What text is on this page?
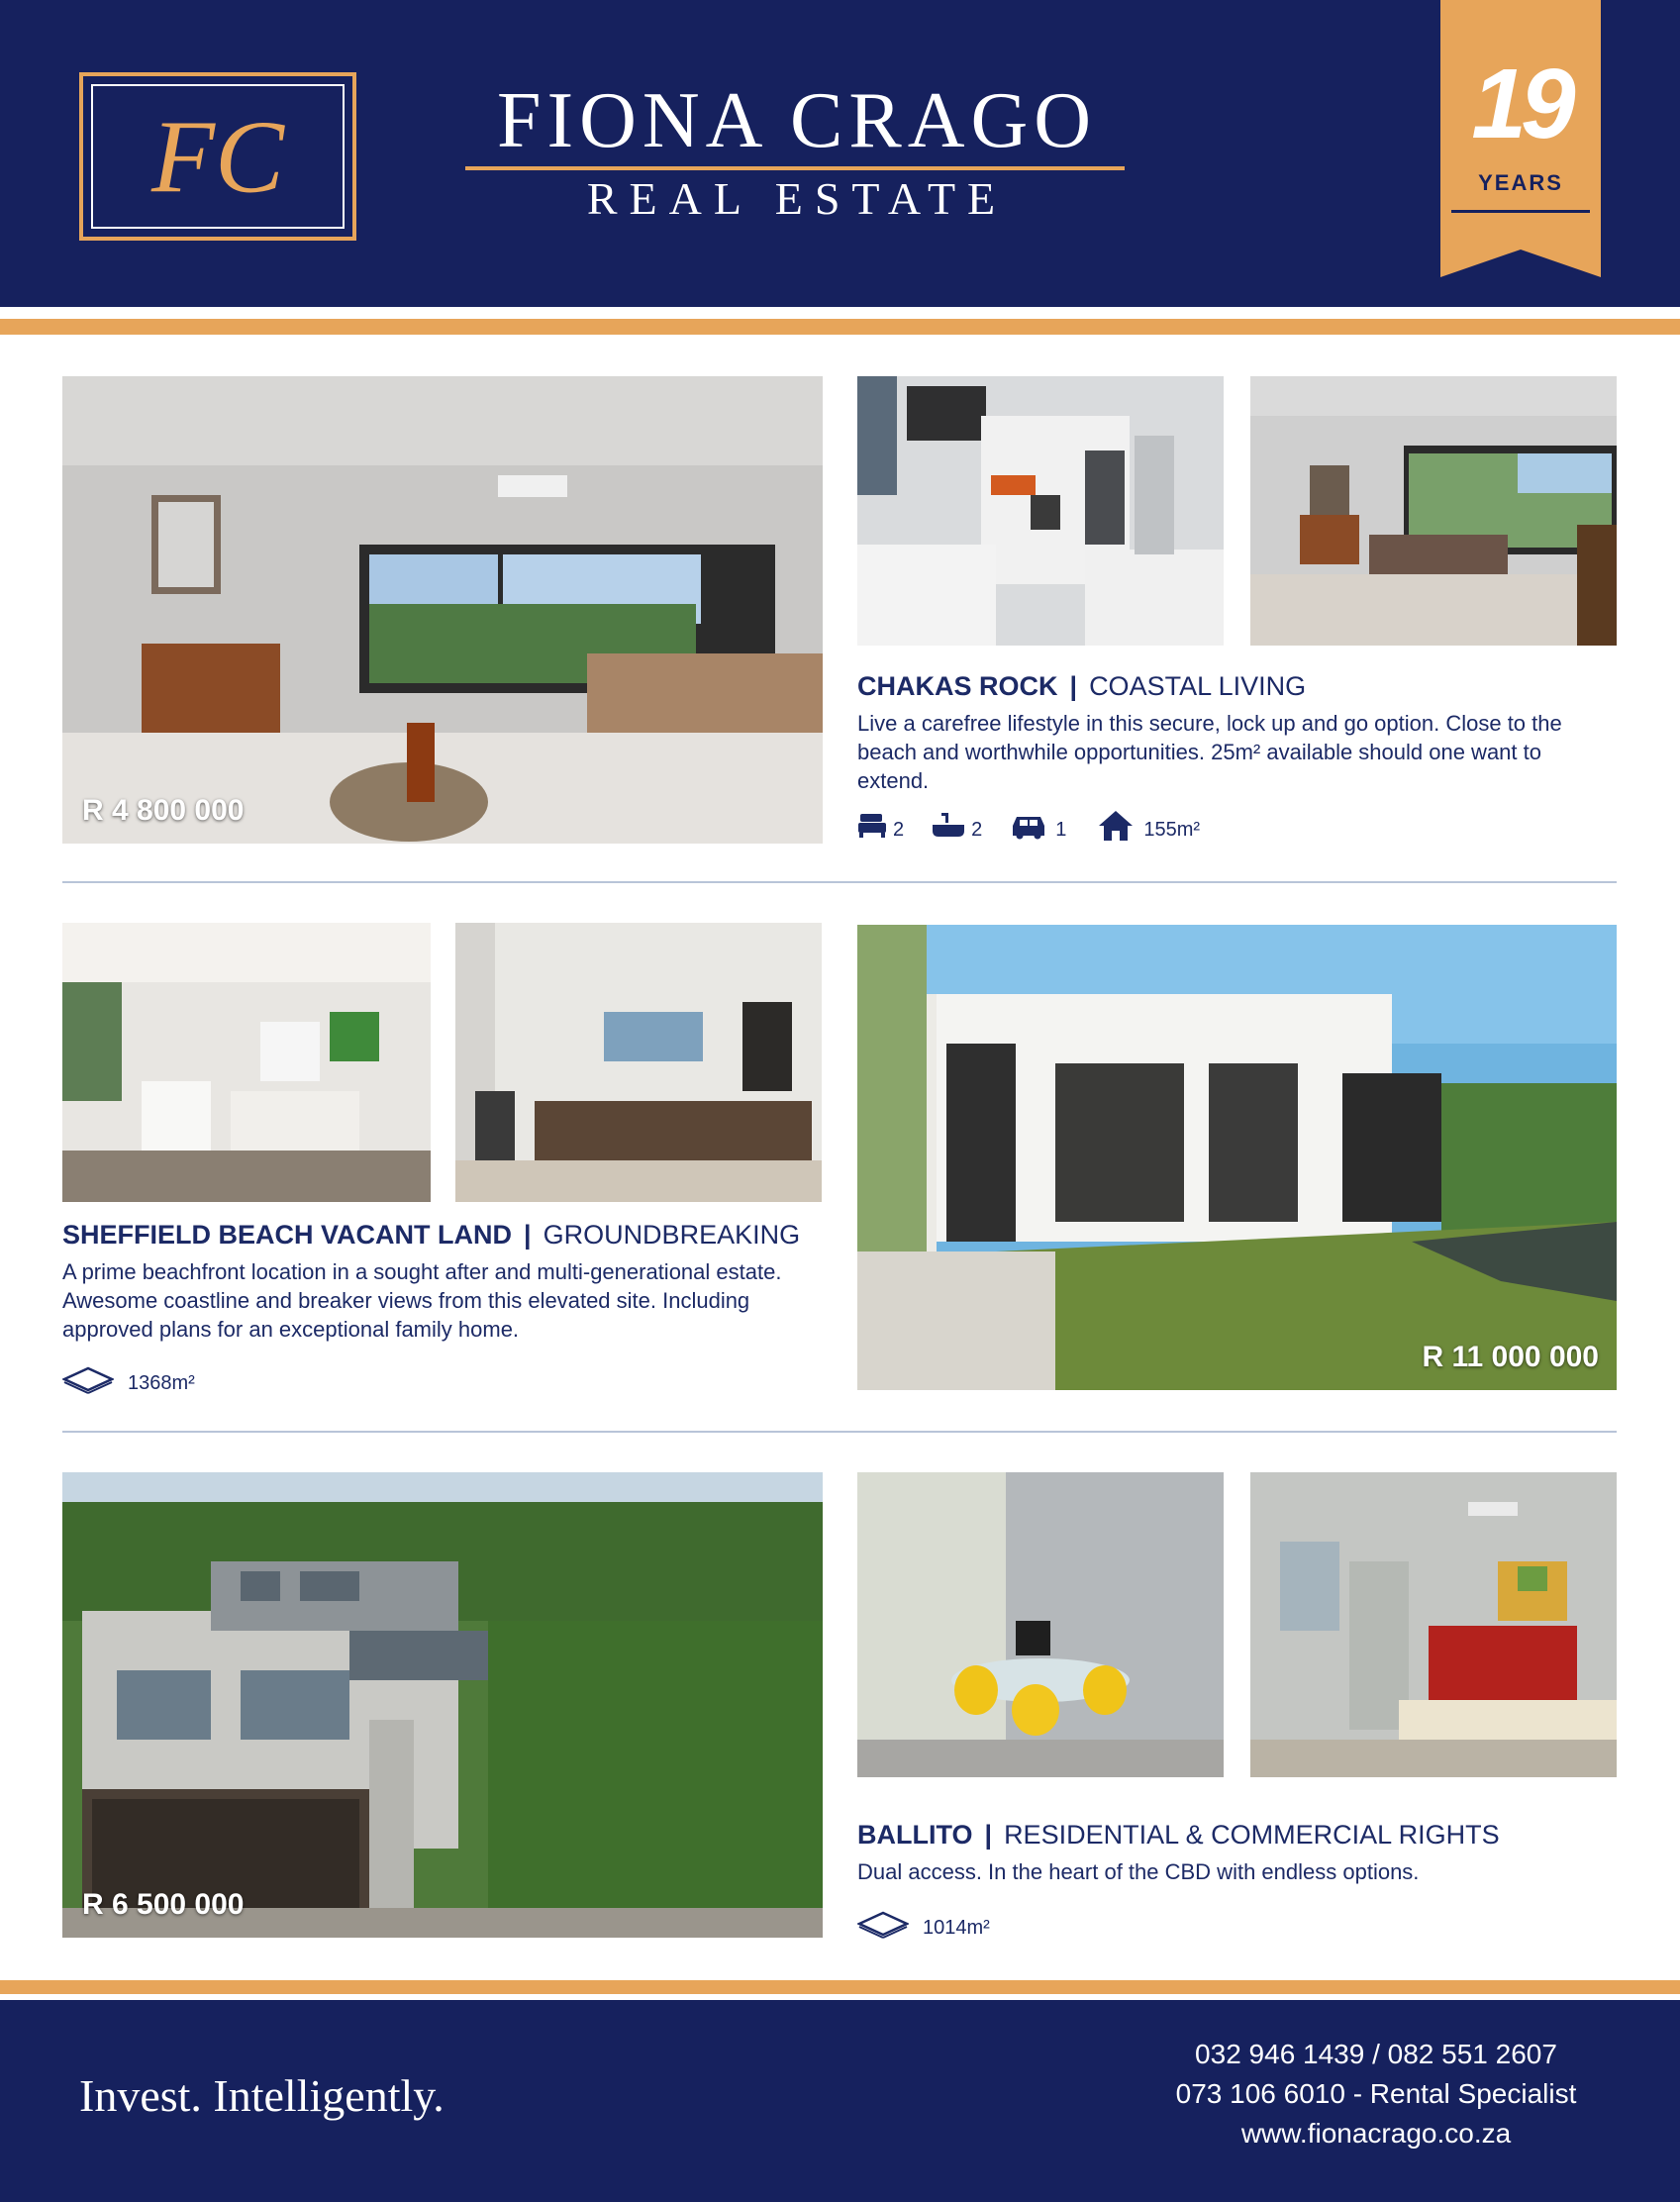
FC	FIONA CRAGO
REAL ESTATE
19
YEARS
R 4 800 000
CHAKAS ROCK | COASTAL LIVING
Live a carefree lifestyle in this secure, lock up and go option. Close to the beach and worthwhile opportunities. 25m² available should one want to extend.
2	2	1	155m²
SHEFFIELD BEACH VACANT LAND | GROUNDBREAKING
A prime beachfront location in a sought after and multi-generational estate. Awesome coastline and breaker views from this elevated site. Including approved plans for an exceptional family home.
1368m²
R 11 000 000
R 6 500 000
BALLITO | RESIDENTIAL & COMMERCIAL RIGHTS
Dual access. In the heart of the CBD with endless options.
1014m²
Invest. Intelligently.
032 946 1439 / 082 551 2607
073 106 6010 - Rental Specialist
www.fionacrago.co.za
